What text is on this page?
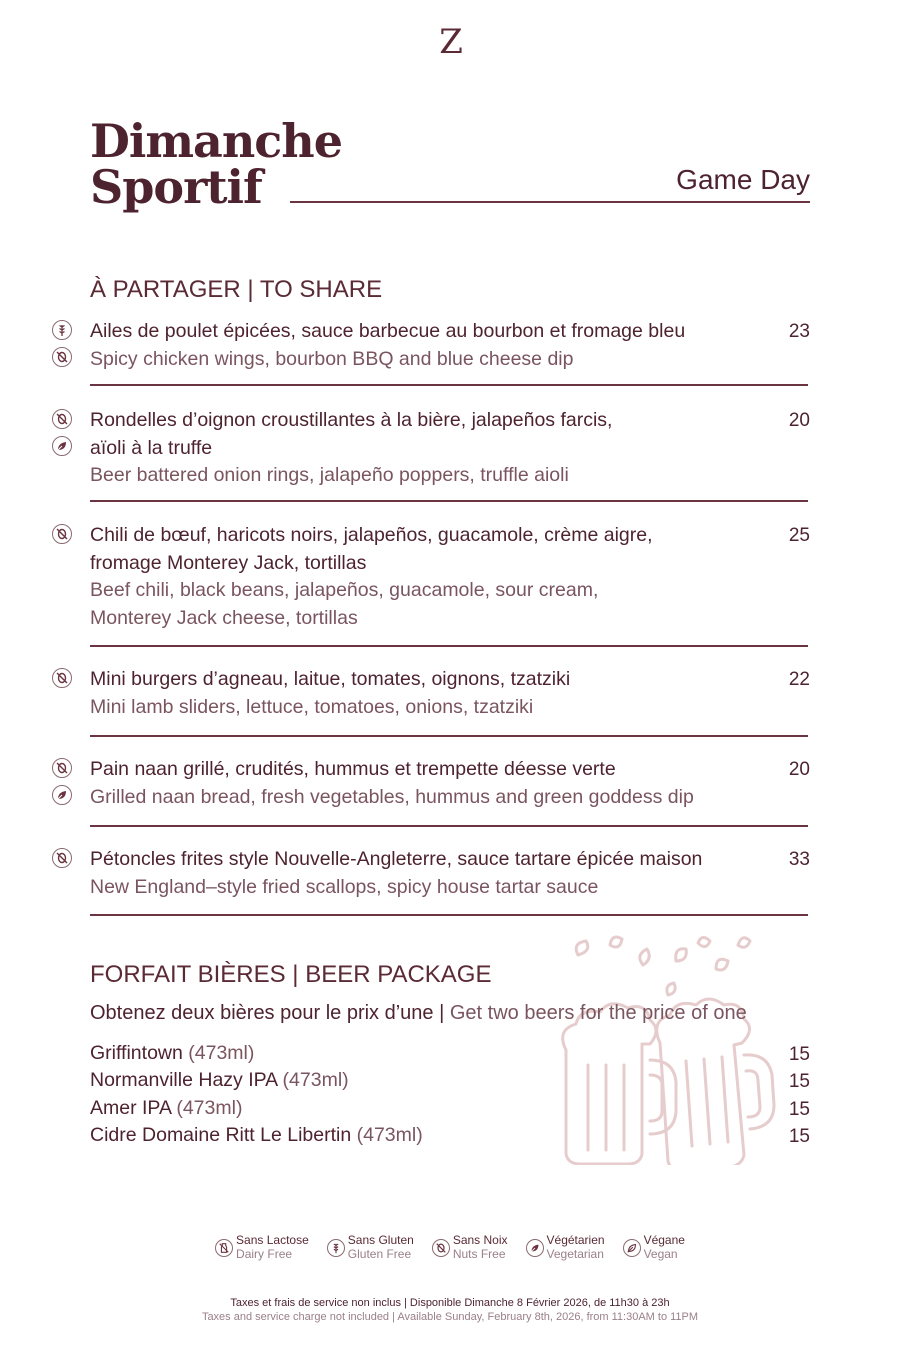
Z
Dimanche
Sportif	Game Day
À PARTAGER | TO SHARE
Ailes de poulet épicées, sauce barbecue au bourbon et fromage bleu
Spicy chicken wings, bourbon BBQ and blue cheese dip
23
Rondelles d’oignon croustillantes à la bière, jalapeños farcis,
aïoli à la truffe
Beer battered onion rings, jalapeño poppers, truffle aioli
20
Chili de bœuf, haricots noirs, jalapeños, guacamole, crème aigre,
fromage Monterey Jack, tortillas
Beef chili, black beans, jalapeños, guacamole, sour cream,
Monterey Jack cheese, tortillas
25
Mini burgers d’agneau, laitue, tomates, oignons, tzatziki
Mini lamb sliders, lettuce, tomatoes, onions, tzatziki
22
Pain naan grillé, crudités, hummus et trempette déesse verte
Grilled naan bread, fresh vegetables, hummus and green goddess dip
20
Pétoncles frites style Nouvelle-Angleterre, sauce tartare épicée maison
New England–style fried scallops, spicy house tartar sauce
33
FORFAIT BIÈRES | BEER PACKAGE
Obtenez deux bières pour le prix d’une | Get two beers for the price of one
Griffintown (473ml)	15
Normanville Hazy IPA (473ml)	15
Amer IPA (473ml)	15
Cidre Domaine Ritt Le Libertin (473ml)	15
Sans Lactose
Dairy Free
Sans Gluten
Gluten Free
Sans Noix
Nuts Free
Végétarien
Vegetarian
Végane
Vegan
Taxes et frais de service non inclus | Disponible Dimanche 8 Février 2026, de 11h30 à 23h
Taxes and service charge not included | Available Sunday, February 8th, 2026, from 11:30AM to 11PM
